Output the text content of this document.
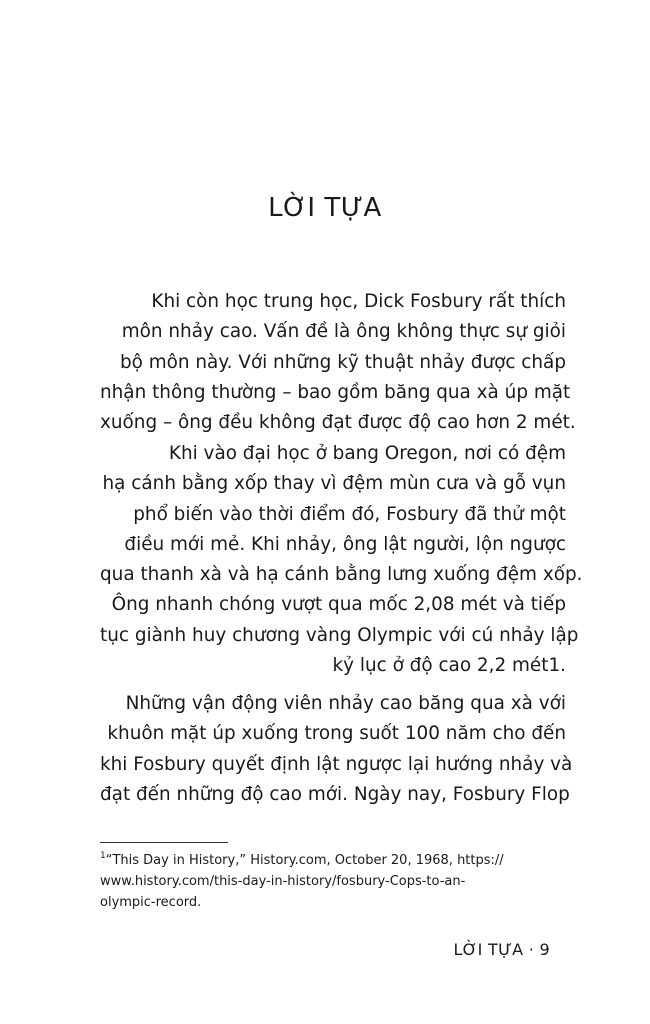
LỜI TỰA
Khi còn học trung học, Dick Fosbury rất thích
môn nhảy cao. Vấn đề là ông không thực sự giỏi
bộ môn này. Với những kỹ thuật nhảy được chấp
nhận thông thường – bao gồm băng qua xà úp mặt
xuống – ông đều không đạt được độ cao hơn 2 mét.
Khi vào đại học ở bang Oregon, nơi có đệm
hạ cánh bằng xốp thay vì đệm mùn cưa và gỗ vụn
phổ biến vào thời điểm đó, Fosbury đã thử một
điều mới mẻ. Khi nhảy, ông lật người, lộn ngược
qua thanh xà và hạ cánh bằng lưng xuống đệm xốp.
Ông nhanh chóng vượt qua mốc 2,08 mét và tiếp
tục giành huy chương vàng Olympic với cú nhảy lập
kỷ lục ở độ cao 2,2 mét1.
Những vận động viên nhảy cao băng qua xà với
khuôn mặt úp xuống trong suốt 100 năm cho đến
khi Fosbury quyết định lật ngược lại hướng nhảy và
đạt đến những độ cao mới. Ngày nay, Fosbury Flop
$^1$“This Day in History,” History.com, October 20, 1968, https://
www.history.com/this-day-in-history/fosbury-Cops-to-an-
olympic-record.
LỜI TỰA · 9
